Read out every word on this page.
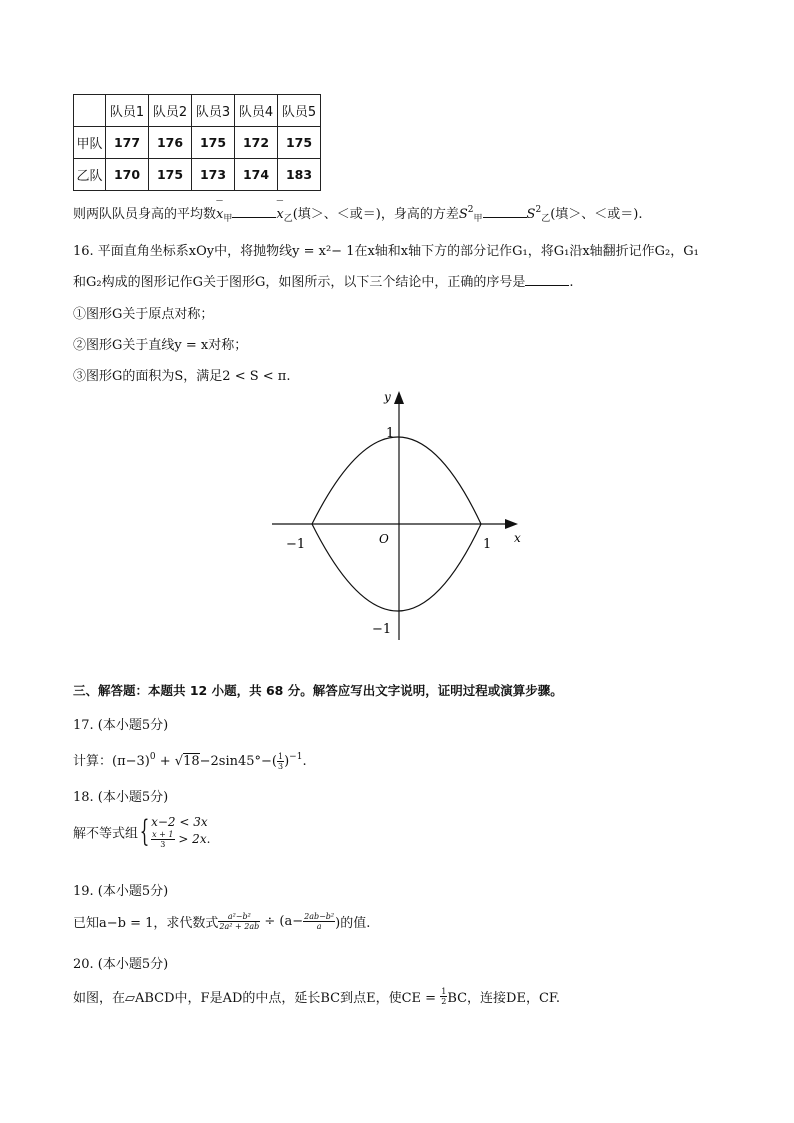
	队员1	队员2	队员3	队员4	队员5
甲队	177	176	175	172	175
乙队	170	175	173	174	183
则两队队员身高的平均数— $x_甲$	— $x_乙$(填＞、＜或＝)，身高的方差$S^2_甲$	$S^2_乙$(填＞、＜或＝).
16. 平面直角坐标系xOy中，将抛物线y = x²− 1在x轴和x轴下方的部分记作G₁，将G₁沿x轴翻折记作G₂，G₁
和G₂构成的图形记作G关于图形G，如图所示，以下三个结论中，正确的序号是	.
①图形G关于原点对称；
②图形G关于直线y = x对称；
③图形G的面积为S，满足2 < S < π.
y
x
O
1
−1
−1	1
三、解答题：本题共 12 小题，共 68 分。解答应写出文字说明，证明过程或演算步骤。
17. (本小题5分)
计算：$(\pi-3)^0 + √18-2\sin 45^\circ-( \frac{1}{3} )^{-1}$.
18. (本小题5分)
解不等式组{ x−2 < 3x
$\frac{x + 1}{3} > 2x$.
19. (本小题5分)
已知a−b = 1，求代数式 $\frac{\text{a²−b²}}{\text{2a² + 2ab}} \div (a- \frac{\text{2ab−b²}}{a}$ )的值.
20. (本小题5分)
如图，在▱ABCD中，F是AD的中点，延长BC到点E，使CE = $\frac{1}{2}$ BC，连接DE，CF.
